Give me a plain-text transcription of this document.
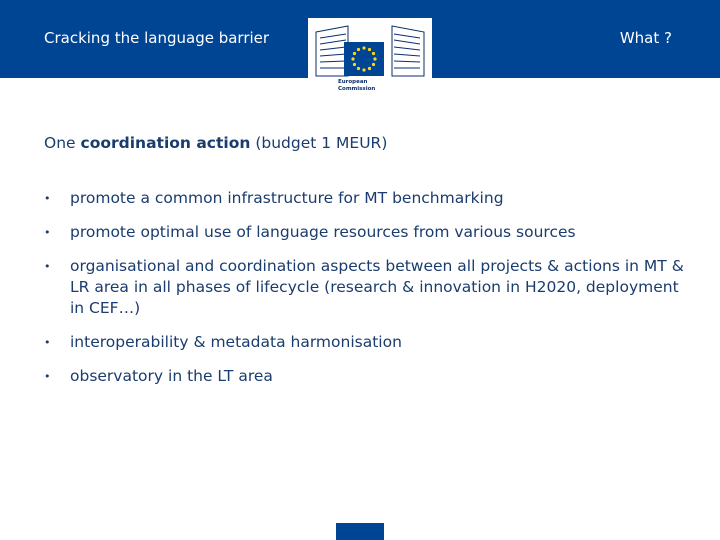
Cracking the language barrier	What ?
European
Commission
One coordination action (budget 1 MEUR)
• promote a common infrastructure for MT benchmarking
• promote optimal use of language resources from various sources
• organisational and coordination aspects between all projects & actions in MT & LR area in all phases of lifecycle (research & innovation in H2020, deployment in CEF…)
• interoperability & metadata harmonisation
• observatory in the LT area
